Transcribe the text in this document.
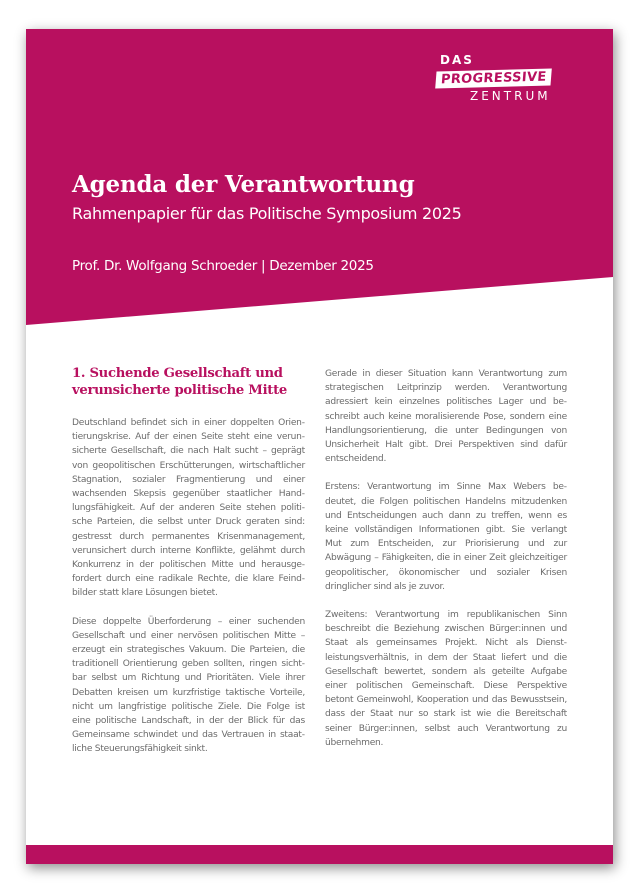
DAS
PROGRESSIVE
ZENTRUM
Agenda der Verantwortung
Rahmenpapier für das Politische Symposium 2025
Prof. Dr. Wolfgang Schroeder | Dezember 2025
1. Suchende Gesellschaft und verunsicherte politische Mitte

Deutschland befindet sich in einer doppelten Orientierungskrise. Auf der einen Seite steht eine verunsicherte Gesellschaft, die nach Halt sucht – geprägt von geopolitischen Erschütterungen, wirtschaftlicher Stagnation, sozialer Fragmentierung und einer wachsenden Skepsis gegenüber staatlicher Handlungsfähigkeit. Auf der anderen Seite stehen politische Parteien, die selbst unter Druck geraten sind: gestresst durch permanentes Krisenmanagement, verunsichert durch interne Konflikte, gelähmt durch Konkurrenz in der politischen Mitte und herausgefordert durch eine radikale Rechte, die klare Feindbilder statt klare Lösungen bietet.

Diese doppelte Überforderung – einer suchenden Gesellschaft und einer nervösen politischen Mitte – erzeugt ein strategisches Vakuum. Die Parteien, die traditionell Orientierung geben sollten, ringen sichtbar selbst um Richtung und Prioritäten. Viele ihrer Debatten kreisen um kurzfristige taktische Vorteile, nicht um langfristige politische Ziele. Die Folge ist eine politische Landschaft, in der der Blick für das Gemeinsame schwindet und das Vertrauen in staatliche Steuerungsfähigkeit sinkt.

Gerade in dieser Situation kann Verantwortung zum strategischen Leitprinzip werden. Verantwortung adressiert kein einzelnes politisches Lager und beschreibt auch keine moralisierende Pose, sondern eine Handlungsorientierung, die unter Bedingungen von Unsicherheit Halt gibt. Drei Perspektiven sind dafür entscheidend.

Erstens: Verantwortung im Sinne Max Webers bedeutet, die Folgen politischen Handelns mitzudenken und Entscheidungen auch dann zu treffen, wenn es keine vollständigen Informationen gibt. Sie verlangt Mut zum Entscheiden, zur Priorisierung und zur Abwägung – Fähigkeiten, die in einer Zeit gleichzeitiger geopolitischer, ökonomischer und sozialer Krisen dringlicher sind als je zuvor.

Zweitens: Verantwortung im republikanischen Sinn beschreibt die Beziehung zwischen Bürger:innen und Staat als gemeinsames Projekt. Nicht als Dienstleistungsverhältnis, in dem der Staat liefert und die Gesellschaft bewertet, sondern als geteilte Aufgabe einer politischen Gemeinschaft. Diese Perspektive betont Gemeinwohl, Kooperation und das Bewusstsein, dass der Staat nur so stark ist wie die Bereitschaft seiner Bürger:innen, selbst auch Verantwortung zu übernehmen.
